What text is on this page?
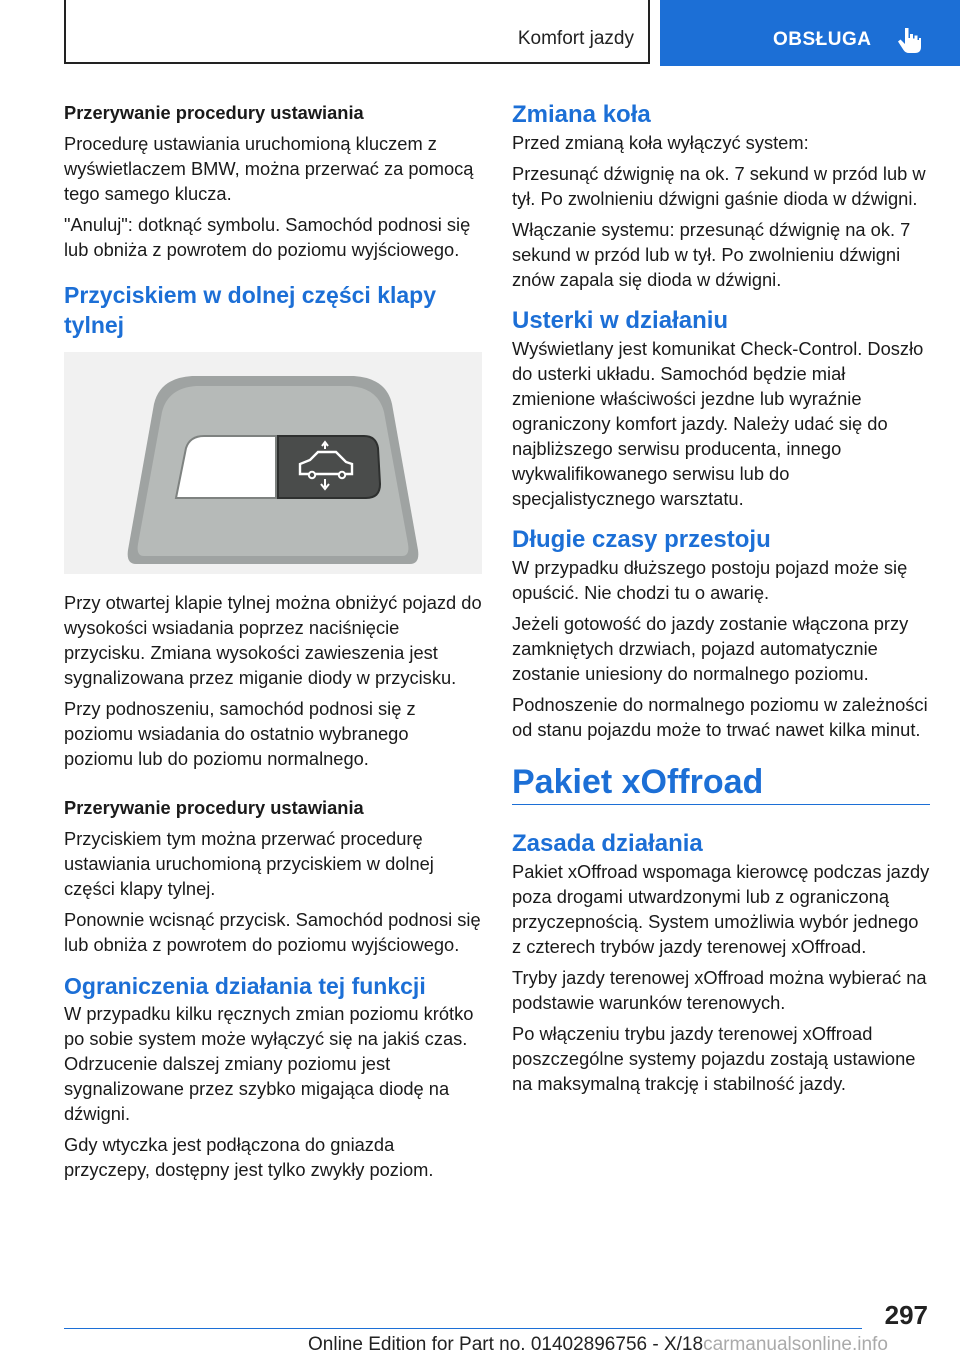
Komfort jazdy	OBSŁUGA
Przerywanie procedury ustawiania
Procedurę ustawiania uruchomioną kluczem z wyświetlaczem BMW, można przerwać za pomocą tego samego klucza.
"Anuluj": dotknąć symbolu. Samochód podnosi się lub obniża z powrotem do poziomu wyjściowego.
Przyciskiem w dolnej części klapy tylnej
Przy otwartej klapie tylnej można obniżyć pojazd do wysokości wsiadania poprzez naciśnięcie przycisku. Zmiana wysokości zawieszenia jest sygnalizowana przez miganie diody w przycisku.
Przy podnoszeniu, samochód podnosi się z poziomu wsiadania do ostatnio wybranego poziomu lub do poziomu normalnego.
Przerywanie procedury ustawiania
Przyciskiem tym można przerwać procedurę ustawiania uruchomioną przyciskiem w dolnej części klapy tylnej.
Ponownie wcisnąć przycisk. Samochód podnosi się lub obniża z powrotem do poziomu wyjściowego.
Ograniczenia działania tej funkcji
W przypadku kilku ręcznych zmian poziomu krótko po sobie system może wyłączyć się na jakiś czas. Odrzucenie dalszej zmiany poziomu jest sygnalizowane przez szybko migająca diodę na dźwigni.
Gdy wtyczka jest podłączona do gniazda przyczepy, dostępny jest tylko zwykły poziom.
Zmiana koła
Przed zmianą koła wyłączyć system:
Przesunąć dźwignię na ok. 7 sekund w przód lub w tył. Po zwolnieniu dźwigni gaśnie dioda w dźwigni.
Włączanie systemu: przesunąć dźwignię na ok. 7 sekund w przód lub w tył. Po zwolnieniu dźwigni znów zapala się dioda w dźwigni.
Usterki w działaniu
Wyświetlany jest komunikat Check-Control. Doszło do usterki układu. Samochód będzie miał zmienione właściwości jezdne lub wyraźnie ograniczony komfort jazdy. Należy udać się do najbliższego serwisu producenta, innego wykwalifikowanego serwisu lub do specjalistycznego warsztatu.
Długie czasy przestoju
W przypadku dłuższego postoju pojazd może się opuścić. Nie chodzi tu o awarię.
Jeżeli gotowość do jazdy zostanie włączona przy zamkniętych drzwiach, pojazd automatycznie zostanie uniesiony do normalnego poziomu.
Podnoszenie do normalnego poziomu w zależności od stanu pojazdu może to trwać nawet kilka minut.
Pakiet xOffroad
Zasada działania
Pakiet xOffroad wspomaga kierowcę podczas jazdy poza drogami utwardzonymi lub z ograniczoną przyczepnością. System umożliwia wybór jednego z czterech trybów jazdy terenowej xOffroad.
Tryby jazdy terenowej xOffroad można wybierać na podstawie warunków terenowych.
Po włączeniu trybu jazdy terenowej xOffroad poszczególne systemy pojazdu zostają ustawione na maksymalną trakcję i stabilność jazdy.
297
Online Edition for Part no. 01402896756 - X/18carmanualsonline.info
